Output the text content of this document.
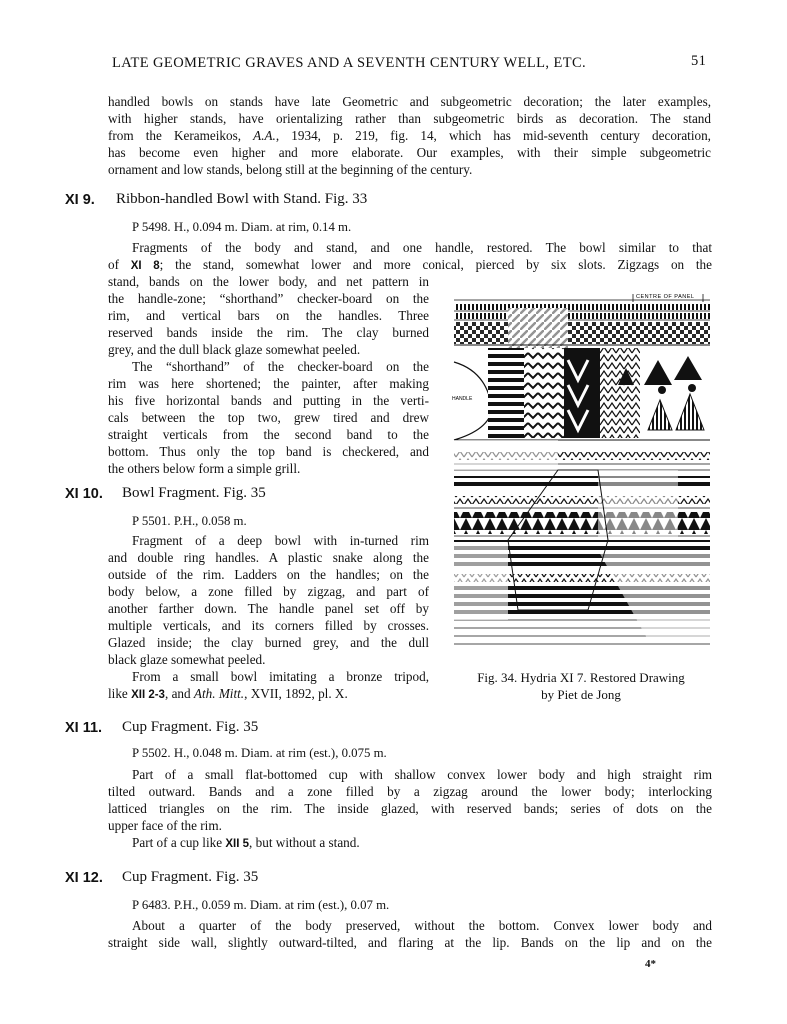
LATE GEOMETRIC GRAVES AND A SEVENTH CENTURY WELL, ETC.	51
handled bowls on stands have late Geometric and subgeometric decoration; the later examples,
with higher stands, have orientalizing rather than subgeometric birds as decoration. The stand
from the Kerameikos, A.A., 1934, p. 219, fig. 14, which has mid-seventh century decoration,
has become even higher and more elaborate. Our examples, with their simple subgeometric
ornament and low stands, belong still at the beginning of the century.
XI 9. Ribbon-handled Bowl with Stand. Fig. 33
P 5498. H., 0.094 m. Diam. at rim, 0.14 m.
Fragments of the body and stand, and one handle, restored. The bowl similar to that
of XI 8; the stand, somewhat lower and more conical, pierced by six slots. Zigzags on the
stand, bands on the lower body, and net pattern in
the handle-zone; “shorthand” checker-board on the
rim, and vertical bars on the handles. Three
reserved bands inside the rim. The clay burned
grey, and the dull black glaze somewhat peeled.
The “shorthand” of the checker-board on the
rim was here shortened; the painter, after making
his five horizontal bands and putting in the verti-
cals between the top two, grew tired and drew
straight verticals from the second band to the
bottom. Thus only the top band is checkered, and
the others below form a simple grill.
XI 10. Bowl Fragment. Fig. 35
P 5501. P.H., 0.058 m.
Fragment of a deep bowl with in-turned rim
and double ring handles. A plastic snake along the
outside of the rim. Ladders on the handles; on the
body below, a zone filled by zigzag, and part of
another farther down. The handle panel set off by
multiple verticals, and its corners filled by crosses.
Glazed inside; the clay burned grey, and the dull
black glaze somewhat peeled.
From a small bowl imitating a bronze tripod,
like XII 2-3, and Ath. Mitt., XVII, 1892, pl. X.
CENTRE OF PANEL
HANDLE
Fig. 34. Hydria XI 7. Restored Drawing
by Piet de Jong
XI 11. Cup Fragment. Fig. 35
P 5502. H., 0.048 m. Diam. at rim (est.), 0.075 m.
Part of a small flat-bottomed cup with shallow convex lower body and high straight rim
tilted outward. Bands and a zone filled by a zigzag around the lower body; interlocking
latticed triangles on the rim. The inside glazed, with reserved bands; series of dots on the
upper face of the rim.
Part of a cup like XII 5, but without a stand.
XI 12. Cup Fragment. Fig. 35
P 6483. P.H., 0.059 m. Diam. at rim (est.), 0.07 m.
About a quarter of the body preserved, without the bottom. Convex lower body and
straight side wall, slightly outward-tilted, and flaring at the lip. Bands on the lip and on the
4*
